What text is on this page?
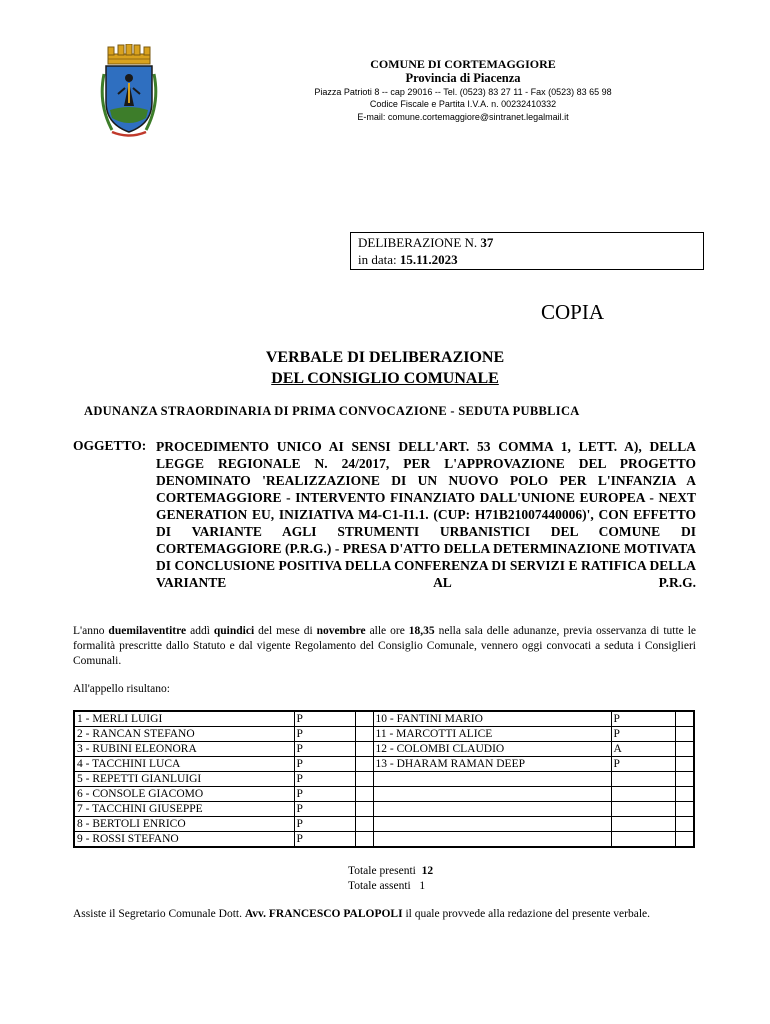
COMUNE DI CORTEMAGGIORE
Provincia di Piacenza
Piazza Patrioti 8 -- cap 29016 -- Tel. (0523) 83 27 11 - Fax (0523) 83 65 98
Codice Fiscale e Partita I.V.A. n. 00232410332
E-mail: comune.cortemaggiore@sintranet.legalmail.it
DELIBERAZIONE N. 37
in data: 15.11.2023
COPIA
VERBALE DI DELIBERAZIONE
DEL CONSIGLIO COMUNALE
ADUNANZA STRAORDINARIA DI PRIMA CONVOCAZIONE - SEDUTA PUBBLICA
OGGETTO: PROCEDIMENTO UNICO AI SENSI DELL'ART. 53 COMMA 1, LETT. A), DELLA LEGGE REGIONALE N. 24/2017, PER L'APPROVAZIONE DEL PROGETTO DENOMINATO 'REALIZZAZIONE DI UN NUOVO POLO PER L'INFANZIA A CORTEMAGGIORE - INTERVENTO FINANZIATO DALL'UNIONE EUROPEA - NEXT GENERATION EU, INIZIATIVA M4-C1-I1.1. (CUP: H71B21007440006)', CON EFFETTO DI VARIANTE AGLI STRUMENTI URBANISTICI DEL COMUNE DI CORTEMAGGIORE (P.R.G.) - PRESA D'ATTO DELLA DETERMINAZIONE MOTIVATA DI CONCLUSIONE POSITIVA DELLA CONFERENZA DI SERVIZI E RATIFICA DELLA VARIANTE AL P.R.G.
L'anno duemilaventitre addì quindici del mese di novembre alle ore 18,35 nella sala delle adunanze, previa osservanza di tutte le formalità prescritte dallo Statuto e dal vigente Regolamento del Consiglio Comunale, vennero oggi convocati a seduta i Consiglieri Comunali.
All'appello risultano:
1 - MERLI LUIGI	P		10 - FANTINI MARIO	P	
2 - RANCAN STEFANO	P		11 - MARCOTTI ALICE	P	
3 - RUBINI ELEONORA	P		12 - COLOMBI CLAUDIO	A	
4 - TACCHINI LUCA	P		13 - DHARAM RAMAN DEEP	P	
5 - REPETTI GIANLUIGI	P				
6 - CONSOLE GIACOMO	P				
7 - TACCHINI GIUSEPPE	P				
8 - BERTOLI ENRICO	P				
9 - ROSSI STEFANO	P				
Totale presenti 12
Totale assenti 1
Assiste il Segretario Comunale Dott. Avv. FRANCESCO PALOPOLI il quale provvede alla redazione del presente verbale.
